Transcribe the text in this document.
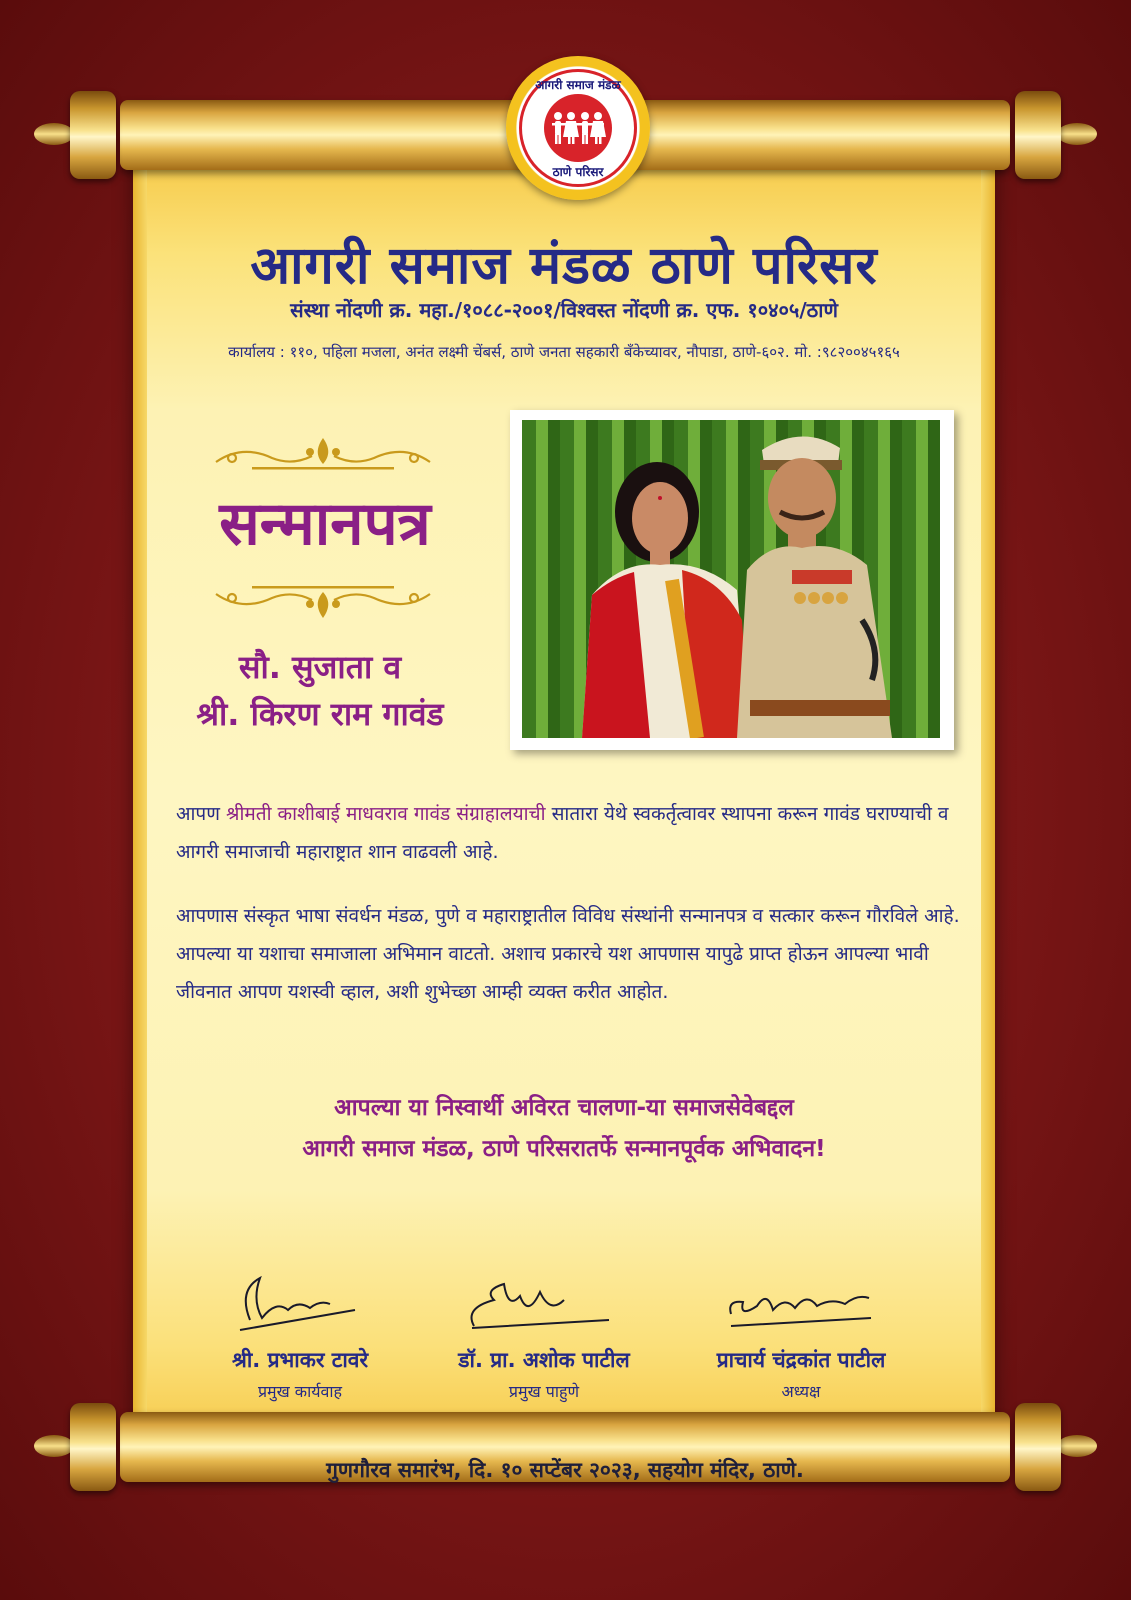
आगरी समाज मंडळ
ठाणे परिसर
आगरी समाज मंडळ ठाणे परिसर
संस्था नोंदणी क्र. महा./१०८८-२००१/विश्वस्त नोंदणी क्र. एफ. १०४०५/ठाणे
कार्यालय : ११०, पहिला मजला, अनंत लक्ष्मी चेंबर्स, ठाणे जनता सहकारी बँकेच्यावर, नौपाडा, ठाणे-६०२. मो. :९८२००४५१६५
सन्मानपत्र
सौ. सुजाता व
श्री. किरण राम गावंड
आपण श्रीमती काशीबाई माधवराव गावंड संग्राहालयाची सातारा येथे स्वकर्तृत्वावर स्थापना करून गावंड घराण्याची व आगरी समाजाची महाराष्ट्रात शान वाढवली आहे.
आपणास संस्कृत भाषा संवर्धन मंडळ, पुणे व महाराष्ट्रातील विविध संस्थांनी सन्मानपत्र व सत्कार करून गौरविले आहे. आपल्या या यशाचा समाजाला अभिमान वाटतो. अशाच प्रकारचे यश आपणास यापुढे प्राप्त होऊन आपल्या भावी जीवनात आपण यशस्वी व्हाल, अशी शुभेच्छा आम्ही व्यक्त करीत आहोत.
आपल्या या निस्वार्थी अविरत चालणा-या समाजसेवेबद्दल
आगरी समाज मंडळ, ठाणे परिसरातर्फे सन्मानपूर्वक अभिवादन!
श्री. प्रभाकर टावरे
प्रमुख कार्यवाह
डॉ. प्रा. अशोक पाटील
प्रमुख पाहुणे
प्राचार्य चंद्रकांत पाटील
अध्यक्ष
गुणगौरव समारंभ, दि. १० सप्टेंबर २०२३, सहयोग मंदिर, ठाणे.
